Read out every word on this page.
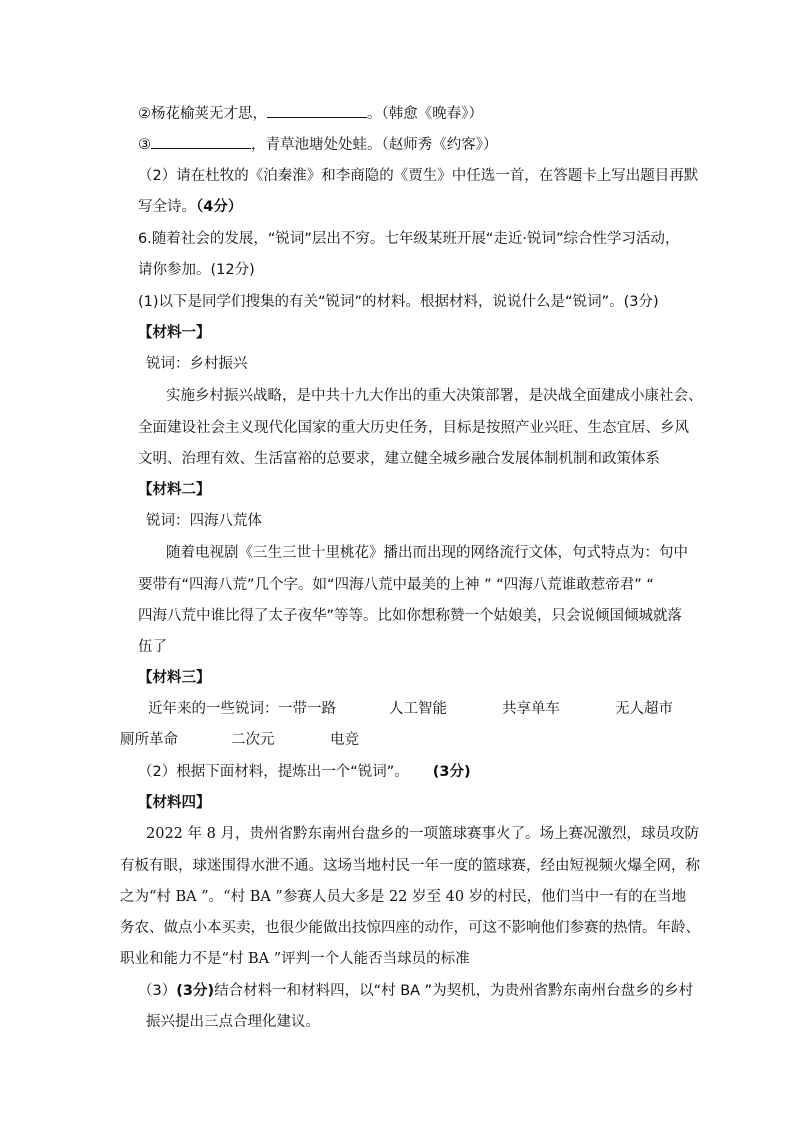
②杨花榆荚无才思，	。（韩愈《晚春》）
③	，青草池塘处处蛙。（赵师秀《约客》）
（2）请在杜牧的《泊秦淮》和李商隐的《贾生》中任选一首，在答题卡上写出题目再默
写全诗。（4分）
6.随着社会的发展，“锐词”层出不穷。七年级某班开展“走近·锐词”综合性学习活动，
请你参加。(12分)
(1)以下是同学们搜集的有关“锐词”的材料。根据材料，说说什么是“锐词”。(3分)
【材料一】
锐词：乡村振兴
实施乡村振兴战略，是中共十九大作出的重大决策部署，是决战全面建成小康社会、
全面建设社会主义现代化国家的重大历史任务，目标是按照产业兴旺、生态宜居、乡风
文明、治理有效、生活富裕的总要求，建立健全城乡融合发展体制机制和政策体系
【材料二】
锐词：四海八荒体
随着电视剧《三生三世十里桃花》播出而出现的网络流行文体，句式特点为：句中
要带有“四海八荒”几个字。如“四海八荒中最美的上神 ” “四海八荒谁敢惹帝君” “
四海八荒中谁比得了太子夜华”等等。比如你想称赞一个姑娘美，只会说倾国倾城就落
伍了
【材料三】
近年来的一些锐词： 一带一路	人工智能	共享单车	无人超市
厕所革命	二次元	电竞
（2）根据下面材料，提炼出一个“锐词”。 (3分)
【材料四】
2022 年 8 月，贵州省黔东南州台盘乡的一项篮球赛事火了。场上赛况激烈，球员攻防
有板有眼，球迷围得水泄不通。这场当地村民一年一度的篮球赛，经由短视频火爆全网，称
之为“村 BA ”。“村 BA ”参赛人员大多是 22 岁至 40 岁的村民，他们当中一有的在当地
务农、做点小本买卖，也很少能做出技惊四座的动作，可这不影响他们参赛的热情。年龄、
职业和能力不是“村 BA ”评判一个人能否当球员的标准
（3）(3分)结合材料一和材料四，以“村 BA ”为契机，为贵州省黔东南州台盘乡的乡村
振兴提出三点合理化建议。
